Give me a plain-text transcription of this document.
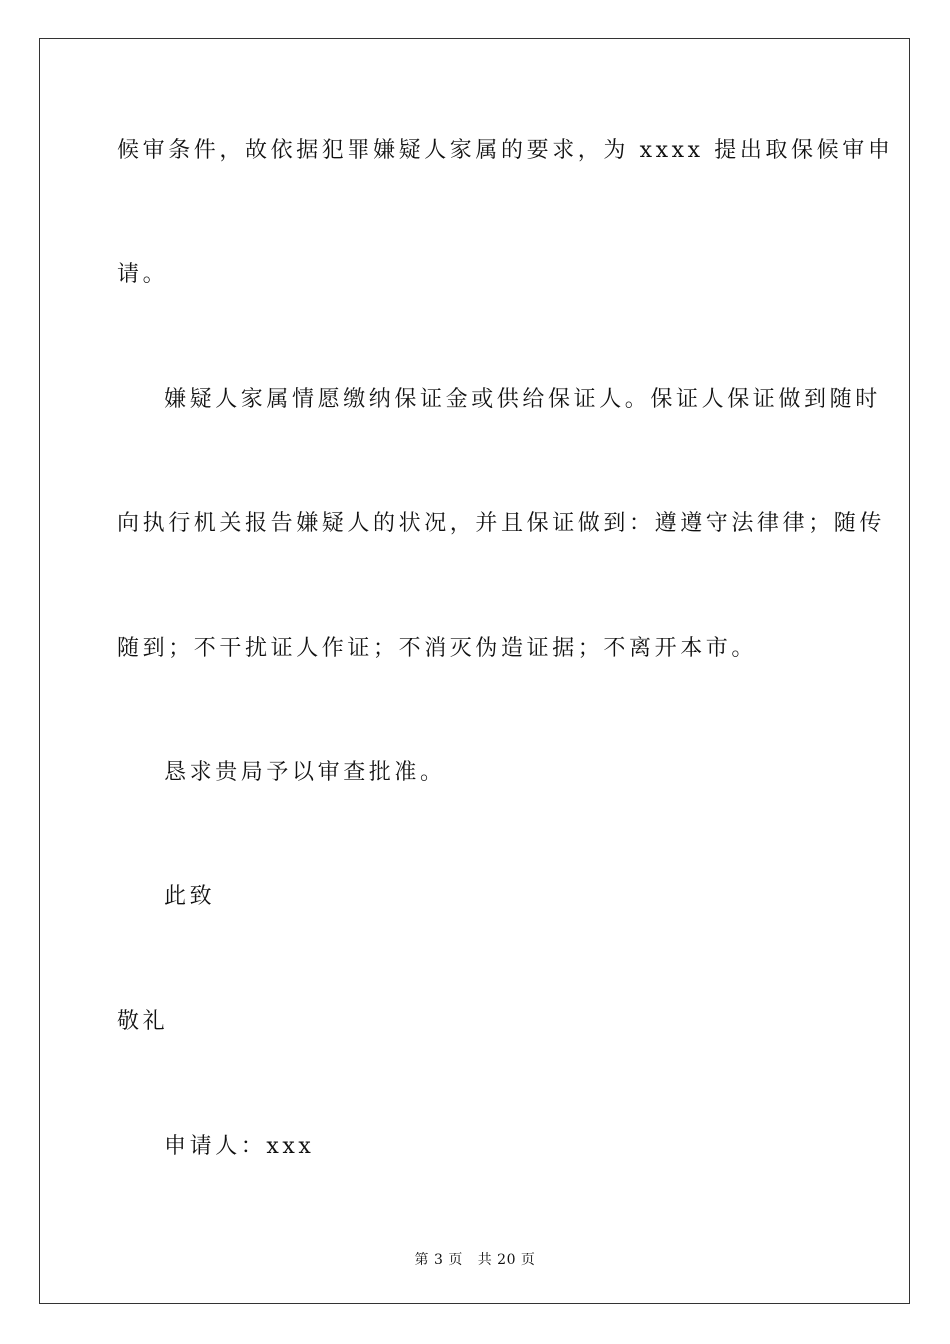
候审条件，故依据犯罪嫌疑人家属的要求，为 xxxx 提出取保候审申
请。
嫌疑人家属情愿缴纳保证金或供给保证人。保证人保证做到随时
向执行机关报告嫌疑人的状况，并且保证做到：遵遵守法律律；随传
随到；不干扰证人作证；不消灭伪造证据；不离开本市。
恳求贵局予以审查批准。
此致
敬礼
申请人：xxx
第 3 页 共 20 页
